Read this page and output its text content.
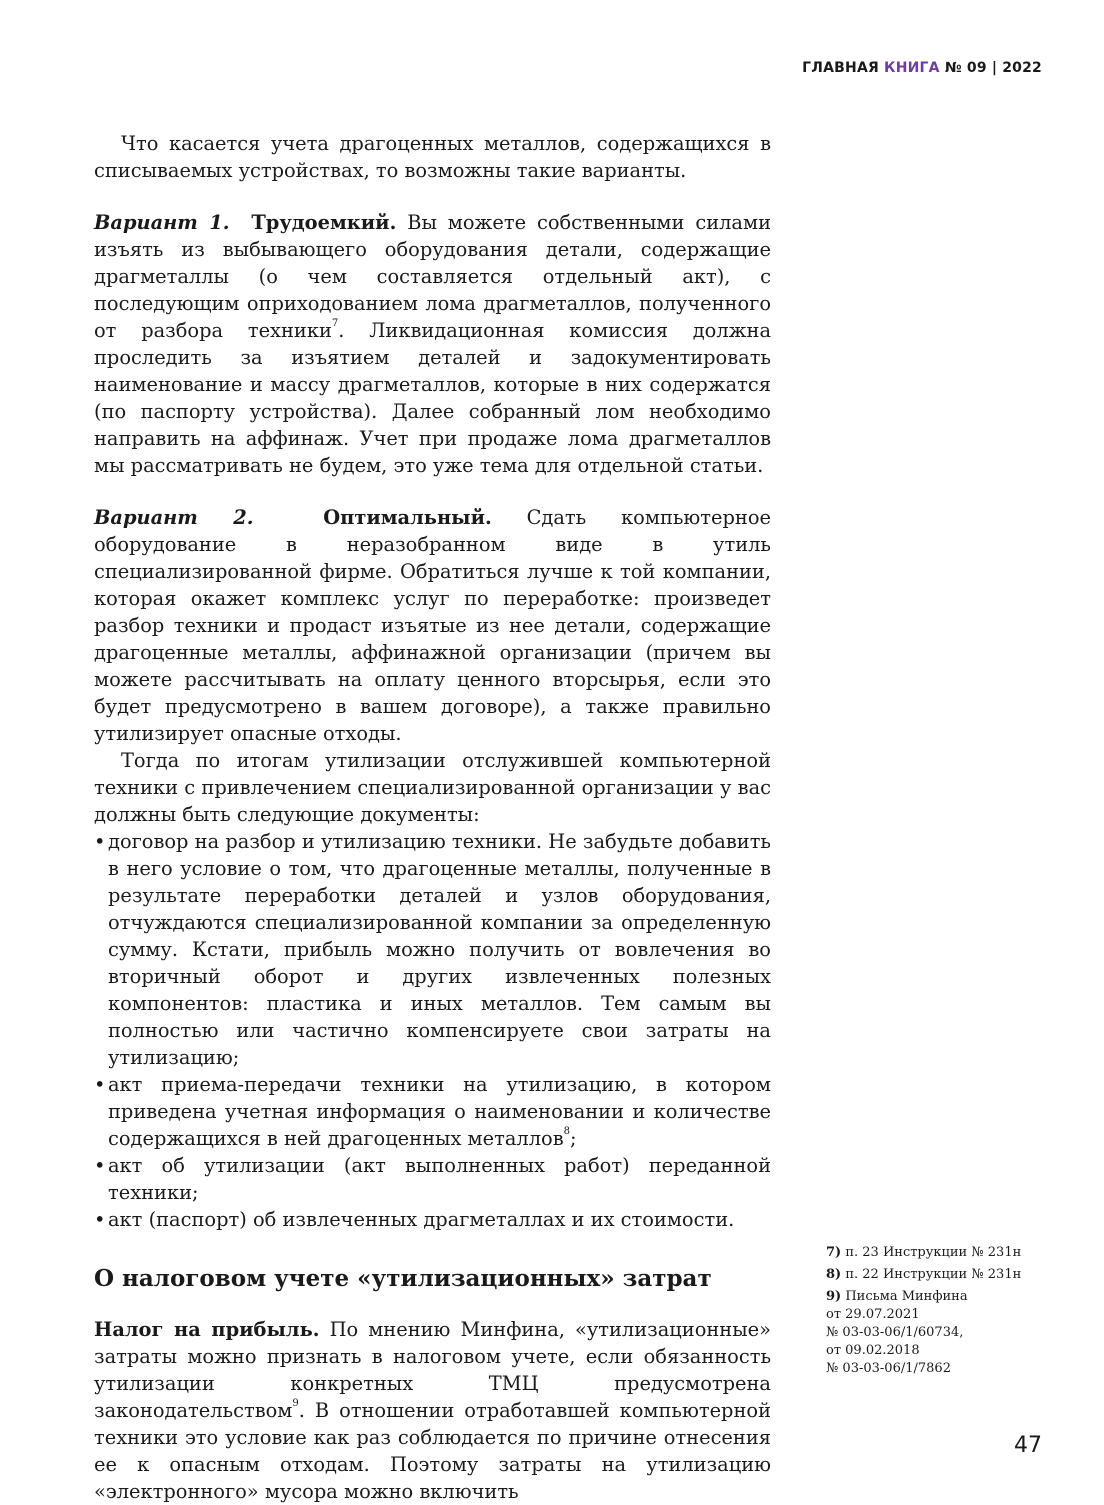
ГЛАВНАЯ КНИГА № 09 | 2022

Что касается учета драгоценных металлов, содержащихся в списываемых устройствах, то возможны такие варианты.

Вариант 1. Трудоемкий. Вы можете собственными силами изъять из выбывающего оборудования детали, содержащие драгметаллы (о чем составляется отдельный акт), с последующим оприходованием лома драгметаллов, полученного от разбора техники$^7$. Ликвидационная комиссия должна проследить за изъятием деталей и задокументировать наименование и массу драгметаллов, которые в них содержатся (по паспорту устройства). Далее собранный лом необходимо направить на аффинаж. Учет при продаже лома драгметаллов мы рассматривать не будем, это уже тема для отдельной статьи.

Вариант 2.	Оптимальный. Сдать компьютерное оборудование в неразобранном виде в утиль специализированной фирме. Обратиться лучше к той компании, которая окажет комплекс услуг по переработке: произведет разбор техники и продаст изъятые из нее детали, содержащие драгоценные металлы, аффинажной организации (причем вы можете рассчитывать на оплату ценного вторсырья, если это будет предусмотрено в вашем договоре), а также правильно утилизирует опасные отходы.

Тогда по итогам утилизации отслужившей компьютерной техники с привлечением специализированной организации у вас должны быть следующие документы:

• договор на разбор и утилизацию техники. Не забудьте добавить в него условие о том, что драгоценные металлы, полученные в результате переработки деталей и узлов оборудования, отчуждаются специализированной компании за определенную сумму. Кстати, прибыль можно получить от вовлечения во вторичный оборот и других извлеченных полезных компонентов: пластика и иных металлов. Тем самым вы полностью или частично компенсируете свои затраты на утилизацию;
• акт приема-передачи техники на утилизацию, в котором приведена учетная информация о наименовании и количестве содержащихся в ней драгоценных металлов$^8$;
• акт об утилизации (акт выполненных работ) переданной техники;
• акт (паспорт) об извлеченных драгметаллах и их стоимости.
О налоговом учете «утилизационных» затрат

Налог на прибыль. По мнению Минфина, «утилизационные» затраты можно признать в налоговом учете, если обязанность утилизации конкретных ТМЦ предусмотрена законодательством$^9$. В отношении отработавшей компьютерной техники это условие как раз соблюдается по причине отнесения ее к опасным отходам. Поэтому затраты на утилизацию «электронного» мусора можно включить

7) п. 23 Инструкции № 231н
8) п. 22 Инструкции № 231н
9) Письма Минфина
от 29.07.2021
№ 03-03-06/1/60734,
от 09.02.2018
№ 03-03-06/1/7862
47
